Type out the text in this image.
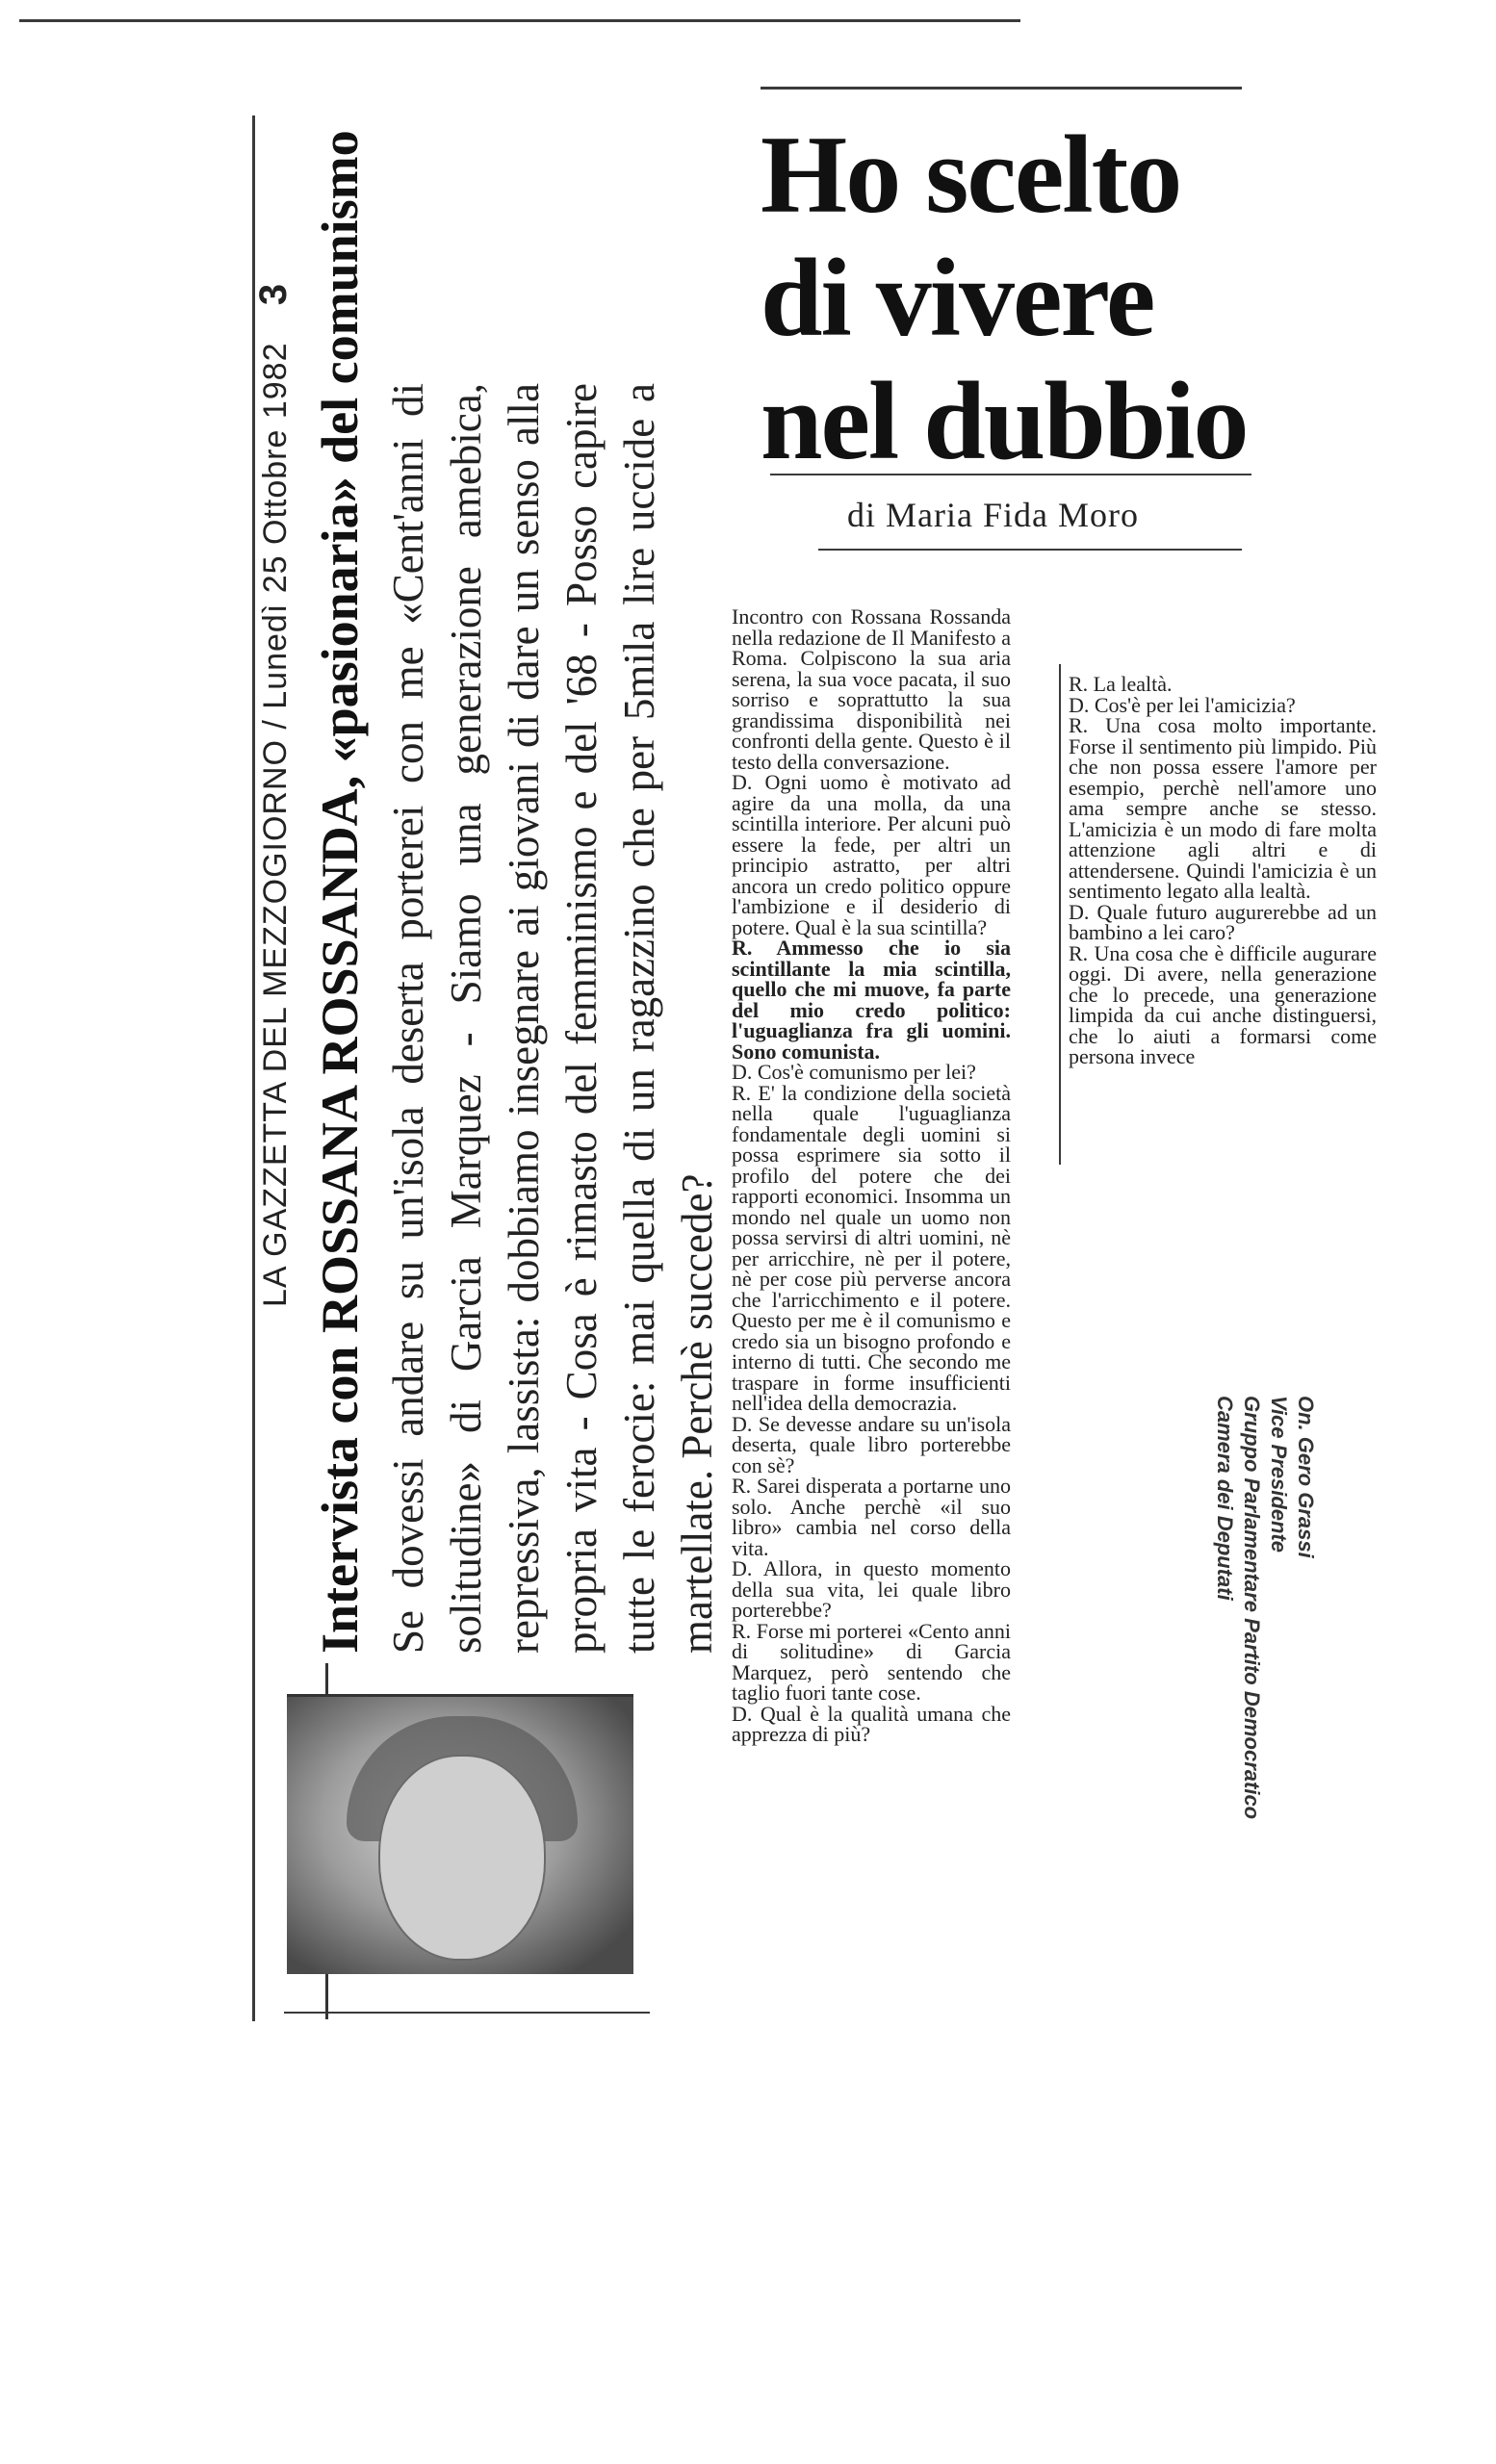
LA GAZZETTA DEL MEZZOGIORNO / Lunedì 25 Ottobre 1982 3 Intervista con ROSSANA ROSSANDA, «pasionaria» del comunismo Se dovessi andare su un'isola deserta porterei con me «Cent'anni di solitudine» di Garcia Marquez - Siamo una generazione amebica, repressiva, lassista: dobbiamo insegnare ai giovani di dare un senso alla propria vita - Cosa è rimasto del femminismo e del '68 - Posso capire tutte le ferocie: mai quella di un ragazzino che per 5mila lire uccide a martellate. Perchè succede?
Ho scelto
di vivere
nel dubbio
di Maria Fida Moro

Incontro con Rossana Rossanda nella redazione de Il Manifesto a Roma. Colpiscono la sua aria serena, la sua voce pacata, il suo sorriso e soprattutto la sua grandissima disponibilità nei confronti della gente. Questo è il testo della conversazione.

D. Ogni uomo è motivato ad agire da una molla, da una scintilla interiore. Per alcuni può essere la fede, per altri un principio astratto, per altri ancora un credo politico oppure l'ambizione e il desiderio di potere. Qual è la sua scintilla?

R. Ammesso che io sia scintillante la mia scintilla, quello che mi muove, fa parte del mio credo politico: l'uguaglianza fra gli uomini. Sono comunista.

D. Cos'è comunismo per lei?

R. E' la condizione della società nella quale l'uguaglianza fondamentale degli uomini si possa esprimere sia sotto il profilo del potere che dei rapporti economici. Insomma un mondo nel quale un uomo non possa servirsi di altri uomini, nè per arricchire, nè per il potere, nè per cose più perverse ancora che l'arricchimento e il potere. Questo per me è il comunismo e credo sia un bisogno profondo e interno di tutti. Che secondo me traspare in forme insufficienti nell'idea della democrazia.

D. Se devesse andare su un'isola deserta, quale libro porterebbe con sè?

R. Sarei disperata a portarne uno solo. Anche perchè «il suo libro» cambia nel corso della vita.

D. Allora, in questo momento della sua vita, lei quale libro porterebbe?

R. Forse mi porterei «Cento anni di solitudine» di Garcia Marquez, però sentendo che taglio fuori tante cose.

D. Qual è la qualità umana che apprezza di più?

R. La lealtà.

D. Cos'è per lei l'amicizia?

R. Una cosa molto importante. Forse il sentimento più limpido. Più che non possa essere l'amore per esempio, perchè nell'amore uno ama sempre anche se stesso. L'amicizia è un modo di fare molta attenzione agli altri e di attendersene. Quindi l'amicizia è un sentimento legato alla lealtà.

D. Quale futuro augurerebbe ad un bambino a lei caro?

R. Una cosa che è difficile augurare oggi. Di avere, nella generazione che lo precede, una generazione limpida da cui anche distinguersi, che lo aiuti a formarsi come persona invece

On. Gero Grassi
Vice Presidente
Gruppo Parlamentare Partito Democratico
Camera dei Deputati
